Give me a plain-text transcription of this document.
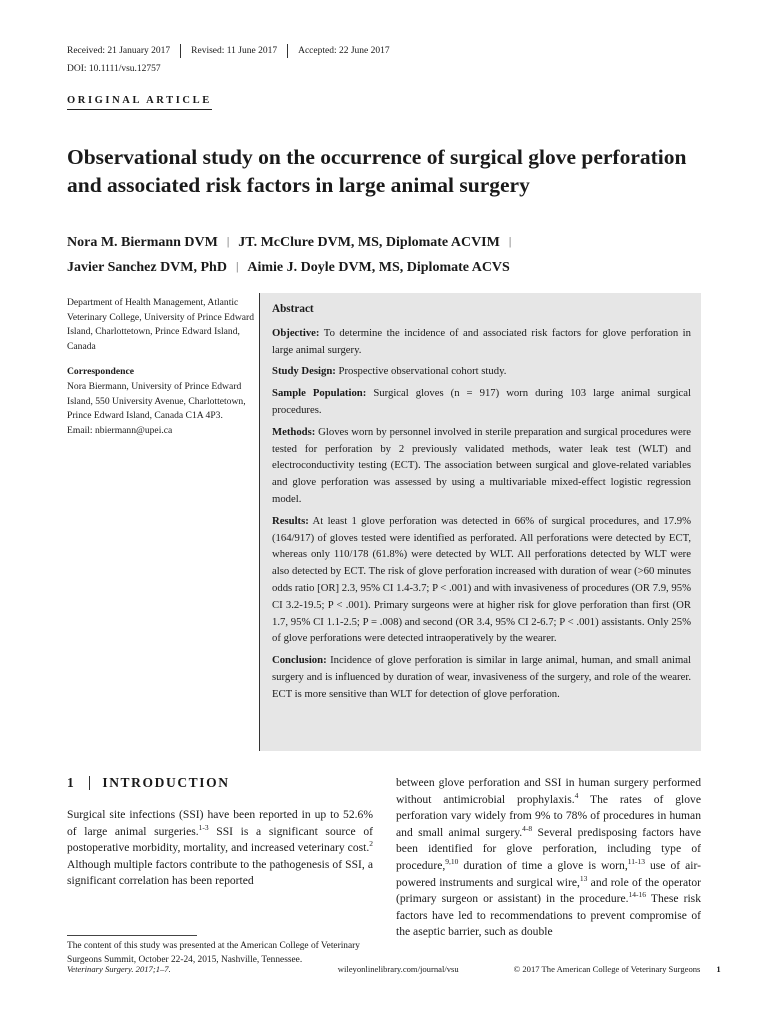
Received: 21 January 2017 Revised: 11 June 2017 Accepted: 22 June 2017
DOI: 10.1111/vsu.12757
ORIGINAL ARTICLE
Observational study on the occurrence of surgical glove perforation and associated risk factors in large animal surgery
Nora M. Biermann DVM | JT. McClure DVM, MS, Diplomate ACVIM |
Javier Sanchez DVM, PhD | Aimie J. Doyle DVM, MS, Diplomate ACVS
Department of Health Management, Atlantic Veterinary College, University of Prince Edward Island, Charlottetown, Prince Edward Island, Canada
Correspondence
Nora Biermann, University of Prince Edward Island, 550 University Avenue, Charlottetown, Prince Edward Island, Canada C1A 4P3.
Email: nbiermann@upei.ca
Abstract

Objective: To determine the incidence of and associated risk factors for glove perforation in large animal surgery.

Study Design: Prospective observational cohort study.

Sample Population: Surgical gloves (n = 917) worn during 103 large animal surgical procedures.

Methods: Gloves worn by personnel involved in sterile preparation and surgical procedures were tested for perforation by 2 previously validated methods, water leak test (WLT) and electroconductivity testing (ECT). The association between surgical and glove-related variables and glove perforation was assessed by using a multivariable mixed-effect logistic regression model.

Results: At least 1 glove perforation was detected in 66% of surgical procedures, and 17.9% (164/917) of gloves tested were identified as perforated. All perforations were detected by ECT, whereas only 110/178 (61.8%) were detected by WLT. All perforations detected by WLT were also detected by ECT. The risk of glove perforation increased with duration of wear (>60 minutes odds ratio [OR] 2.3, 95% CI 1.4-3.7; P < .001) and with invasiveness of procedures (OR 7.9, 95% CI 3.2-19.5; P < .001). Primary surgeons were at higher risk for glove perforation than first (OR 1.7, 95% CI 1.1-2.5; P = .008) and second (OR 3.4, 95% CI 2-6.7; P < .001) assistants. Only 25% of glove perforations were detected intraoperatively by the wearer.

Conclusion: Incidence of glove perforation is similar in large animal, human, and small animal surgery and is influenced by duration of wear, invasiveness of the surgery, and role of the wearer. ECT is more sensitive than WLT for detection of glove perforation.

1 INTRODUCTION
Surgical site infections (SSI) have been reported in up to 52.6% of large animal surgeries.$^{1-3}$ SSI is a significant source of postoperative morbidity, mortality, and increased veterinary cost.$^2$ Although multiple factors contribute to the pathogenesis of SSI, a significant correlation has been reported
between glove perforation and SSI in human surgery performed without antimicrobial prophylaxis.$^4$ The rates of glove perforation vary widely from 9% to 78% of procedures in human and small animal surgery.$^{4-8}$ Several predisposing factors have been identified for glove perforation, including type of procedure,$^{9,10}$ duration of time a glove is worn,$^{11-13}$ use of air-powered instruments and surgical wire,$^{13}$ and role of the operator (primary surgeon or assistant) in the procedure.$^{14-16}$ These risk factors have led to recommendations to prevent compromise of the aseptic barrier, such as double
The content of this study was presented at the American College of Veterinary Surgeons Summit, October 22-24, 2015, Nashville, Tennessee.
Veterinary Surgery. 2017;1–7.	wileyonlinelibrary.com/journal/vsu	© 2017 The American College of Veterinary Surgeons 1
